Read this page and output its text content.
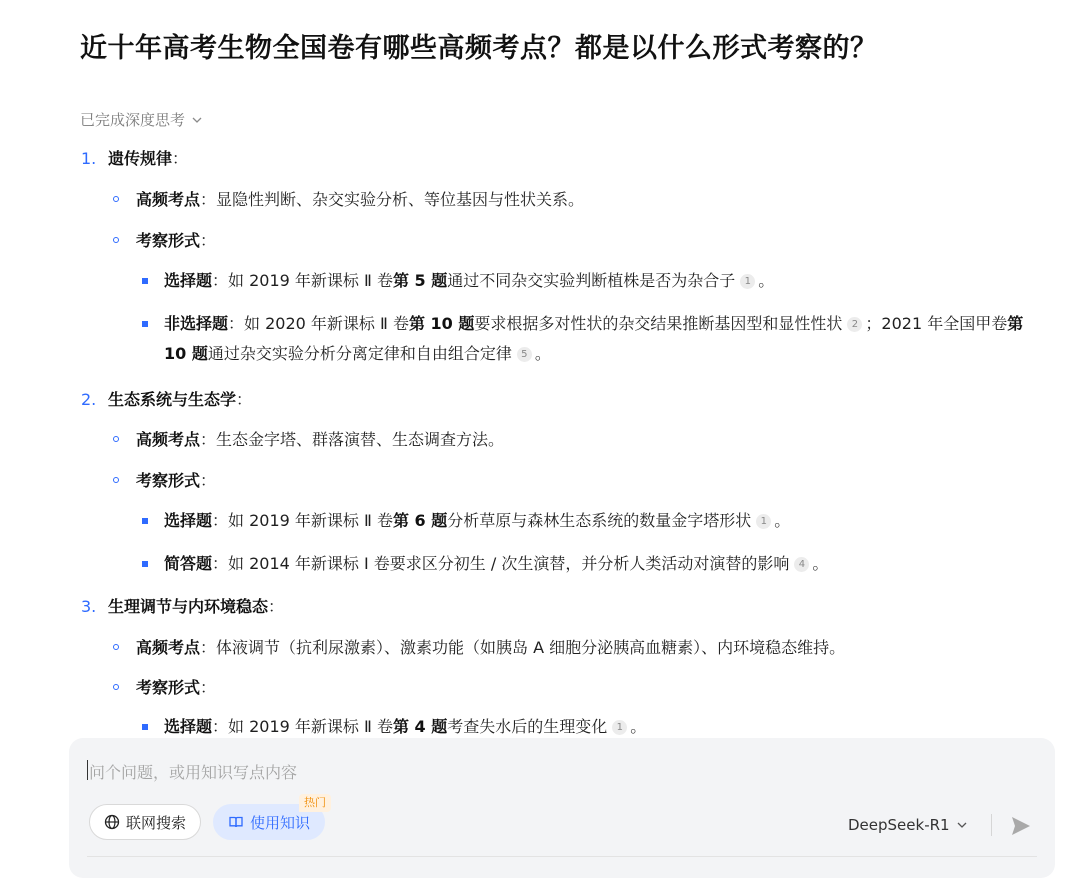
近十年高考生物全国卷有哪些高频考点？都是以什么形式考察的？
已完成深度思考
1. 遗传规律：
高频考点：显隐性判断、杂交实验分析、等位基因与性状关系。
考察形式：
选择题：如 2019 年新课标 Ⅱ 卷第 5 题通过不同杂交实验判断植株是否为杂合子 1 。
非选择题：如 2020 年新课标 Ⅱ 卷第 10 题要求根据多对性状的杂交结果推断基因型和显性性状 2 ；2021 年全国甲卷第 10 题通过杂交实验分析分离定律和自由组合定律 5 。
2. 生态系统与生态学：
高频考点：生态金字塔、群落演替、生态调查方法。
考察形式：
选择题：如 2019 年新课标 Ⅱ 卷第 6 题分析草原与森林生态系统的数量金字塔形状 1 。
简答题：如 2014 年新课标 Ⅰ 卷要求区分初生 / 次生演替，并分析人类活动对演替的影响 4 。
3. 生理调节与内环境稳态：
高频考点：体液调节（抗利尿激素）、激素功能（如胰岛 A 细胞分泌胰高血糖素）、内环境稳态维持。
考察形式：
选择题：如 2019 年新课标 Ⅱ 卷第 4 题考查失水后的生理变化 1 。
问个问题，或用知识写点内容
联网搜索	使用知识
热门
DeepSeek-R1
